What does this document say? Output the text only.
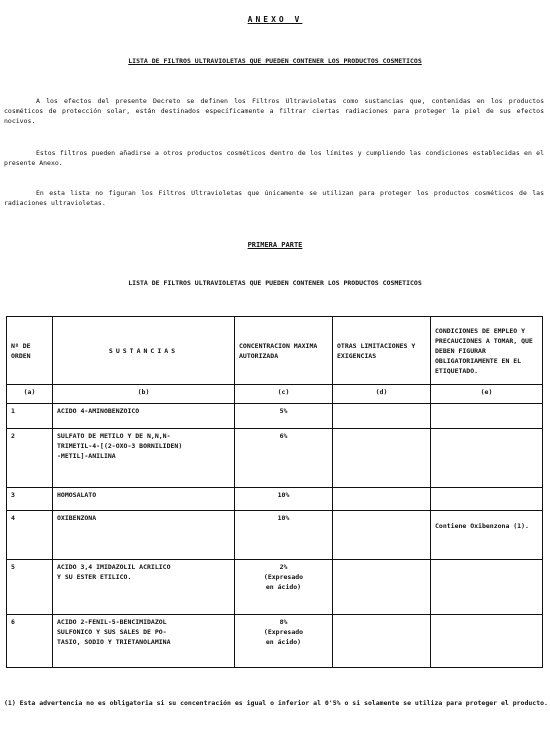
ANEXO V
LISTA DE FILTROS ULTRAVIOLETAS QUE PUEDEN CONTENER LOS PRODUCTOS COSMETICOS
A los efectos del presente Decreto se definen los Filtros Ultravioletas como sustancias que, contenidas en los productos cosméticos de protección solar, están destinados específicamente a filtrar ciertas radiaciones para proteger la piel de sus efectos nocivos.
Estos filtros pueden añadirse a otros productos cosméticos dentro de los límites y cumpliendo las condiciones establecidas en el presente Anexo.
En esta lista no figuran los Filtros Ultravioletas que únicamente se utilizan para proteger los productos cosméticos de las radiaciones ultravioletas.
PRIMERA PARTE
LISTA DE FILTROS ULTRAVIOLETAS QUE PUEDEN CONTENER LOS PRODUCTOS COSMETICOS
Nº DE ORDEN	SUSTANCIAS	CONCENTRACION MAXIMA AUTORIZADA	OTRAS LIMITACIONES Y EXIGENCIAS	CONDICIONES DE EMPLEO Y PRECAUCIONES A TOMAR, QUE DEBEN FIGURAR OBLIGATORIAMENTE EN EL ETIQUETADO.
(a)	(b)	(c)	(d)	(e)
1	ACIDO 4-AMINOBENZOICO	5%		
2	SULFATO DE METILO Y DE N,N,N-
TRIMETIL-4-[(2-OXO-3 BORNILIDEN)
-METIL]-ANILINA	6%		
3	HOMOSALATO	10%		
4	OXIBENZONA	10%		Contiene Oxibenzona (1).
5	ACIDO 3,4 IMIDAZOLIL ACRILICO
Y SU ESTER ETILICO.	2%
(Expresado
en ácido)		
6	ACIDO 2-FENIL-5-BENCIMIDAZOL
SULFONICO Y SUS SALES DE PO-
TASIO, SODIO Y TRIETANOLAMINA	8%
(Expresado
en ácido)		
(1) Esta advertencia no es obligatoria si su concentración es igual o inferior al 0'5% o si solamente se utiliza para proteger el producto.
